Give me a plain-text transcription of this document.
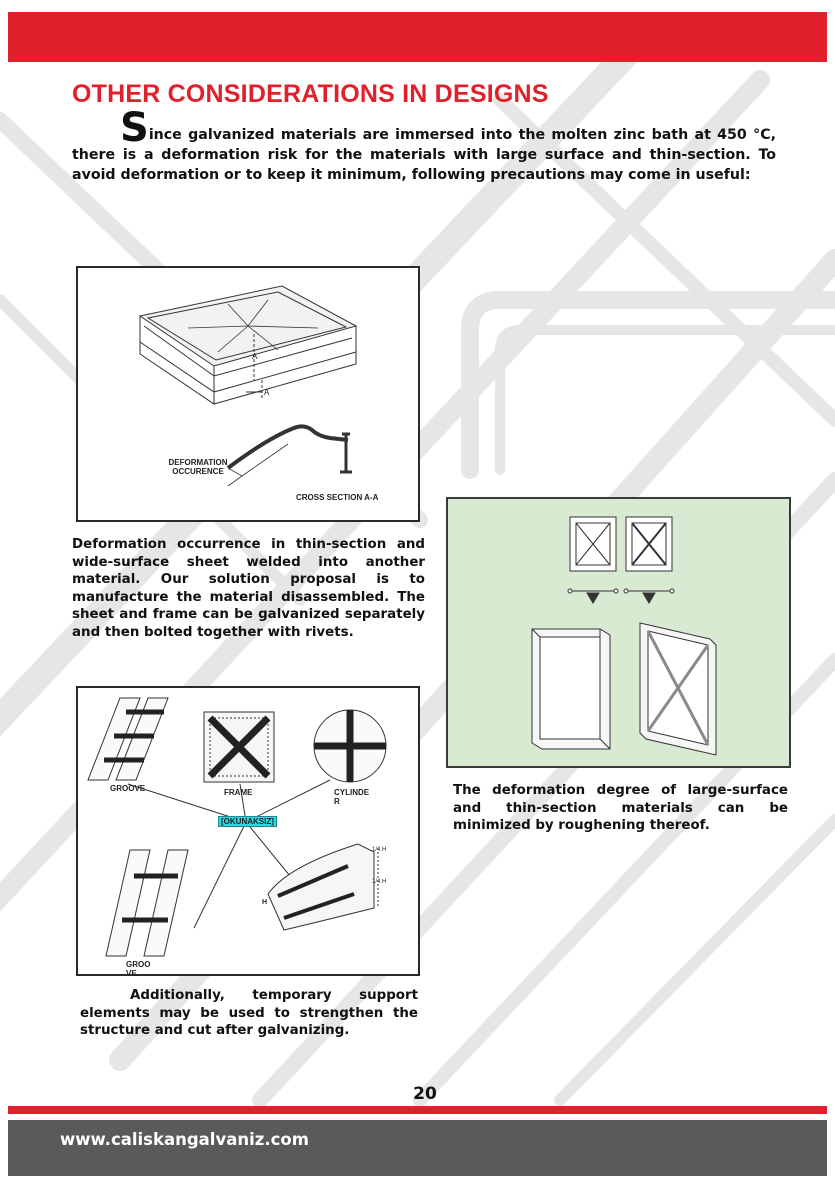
OTHER CONSIDERATIONS IN DESIGNS

Since galvanized materials are immersed into the molten zinc bath at 450 °C, there is a deformation risk for the materials with large surface and thin-section. To avoid deformation or to keep it minimum, following precautions may come in useful:

A
A
DEFORMATION OCCURENCE
CROSS SECTION A-A

Deformation occurrence in thin-section and wide-surface sheet welded into another material. Our solution proposal is to manufacture the material disassembled. The sheet and frame can be galvanized separately and then bolted together with rivets.

The deformation degree of large-surface and thin-section materials can be minimized by roughening thereof.

GROOVE	FRAME	CYLINDE
R
[OKUNAKSIZ]
1/4 H
1/4 H
H
GROO
VE

Additionally, temporary support elements may be used to strengthen the structure and cut after galvanizing.

20
www.caliskangalvaniz.com
